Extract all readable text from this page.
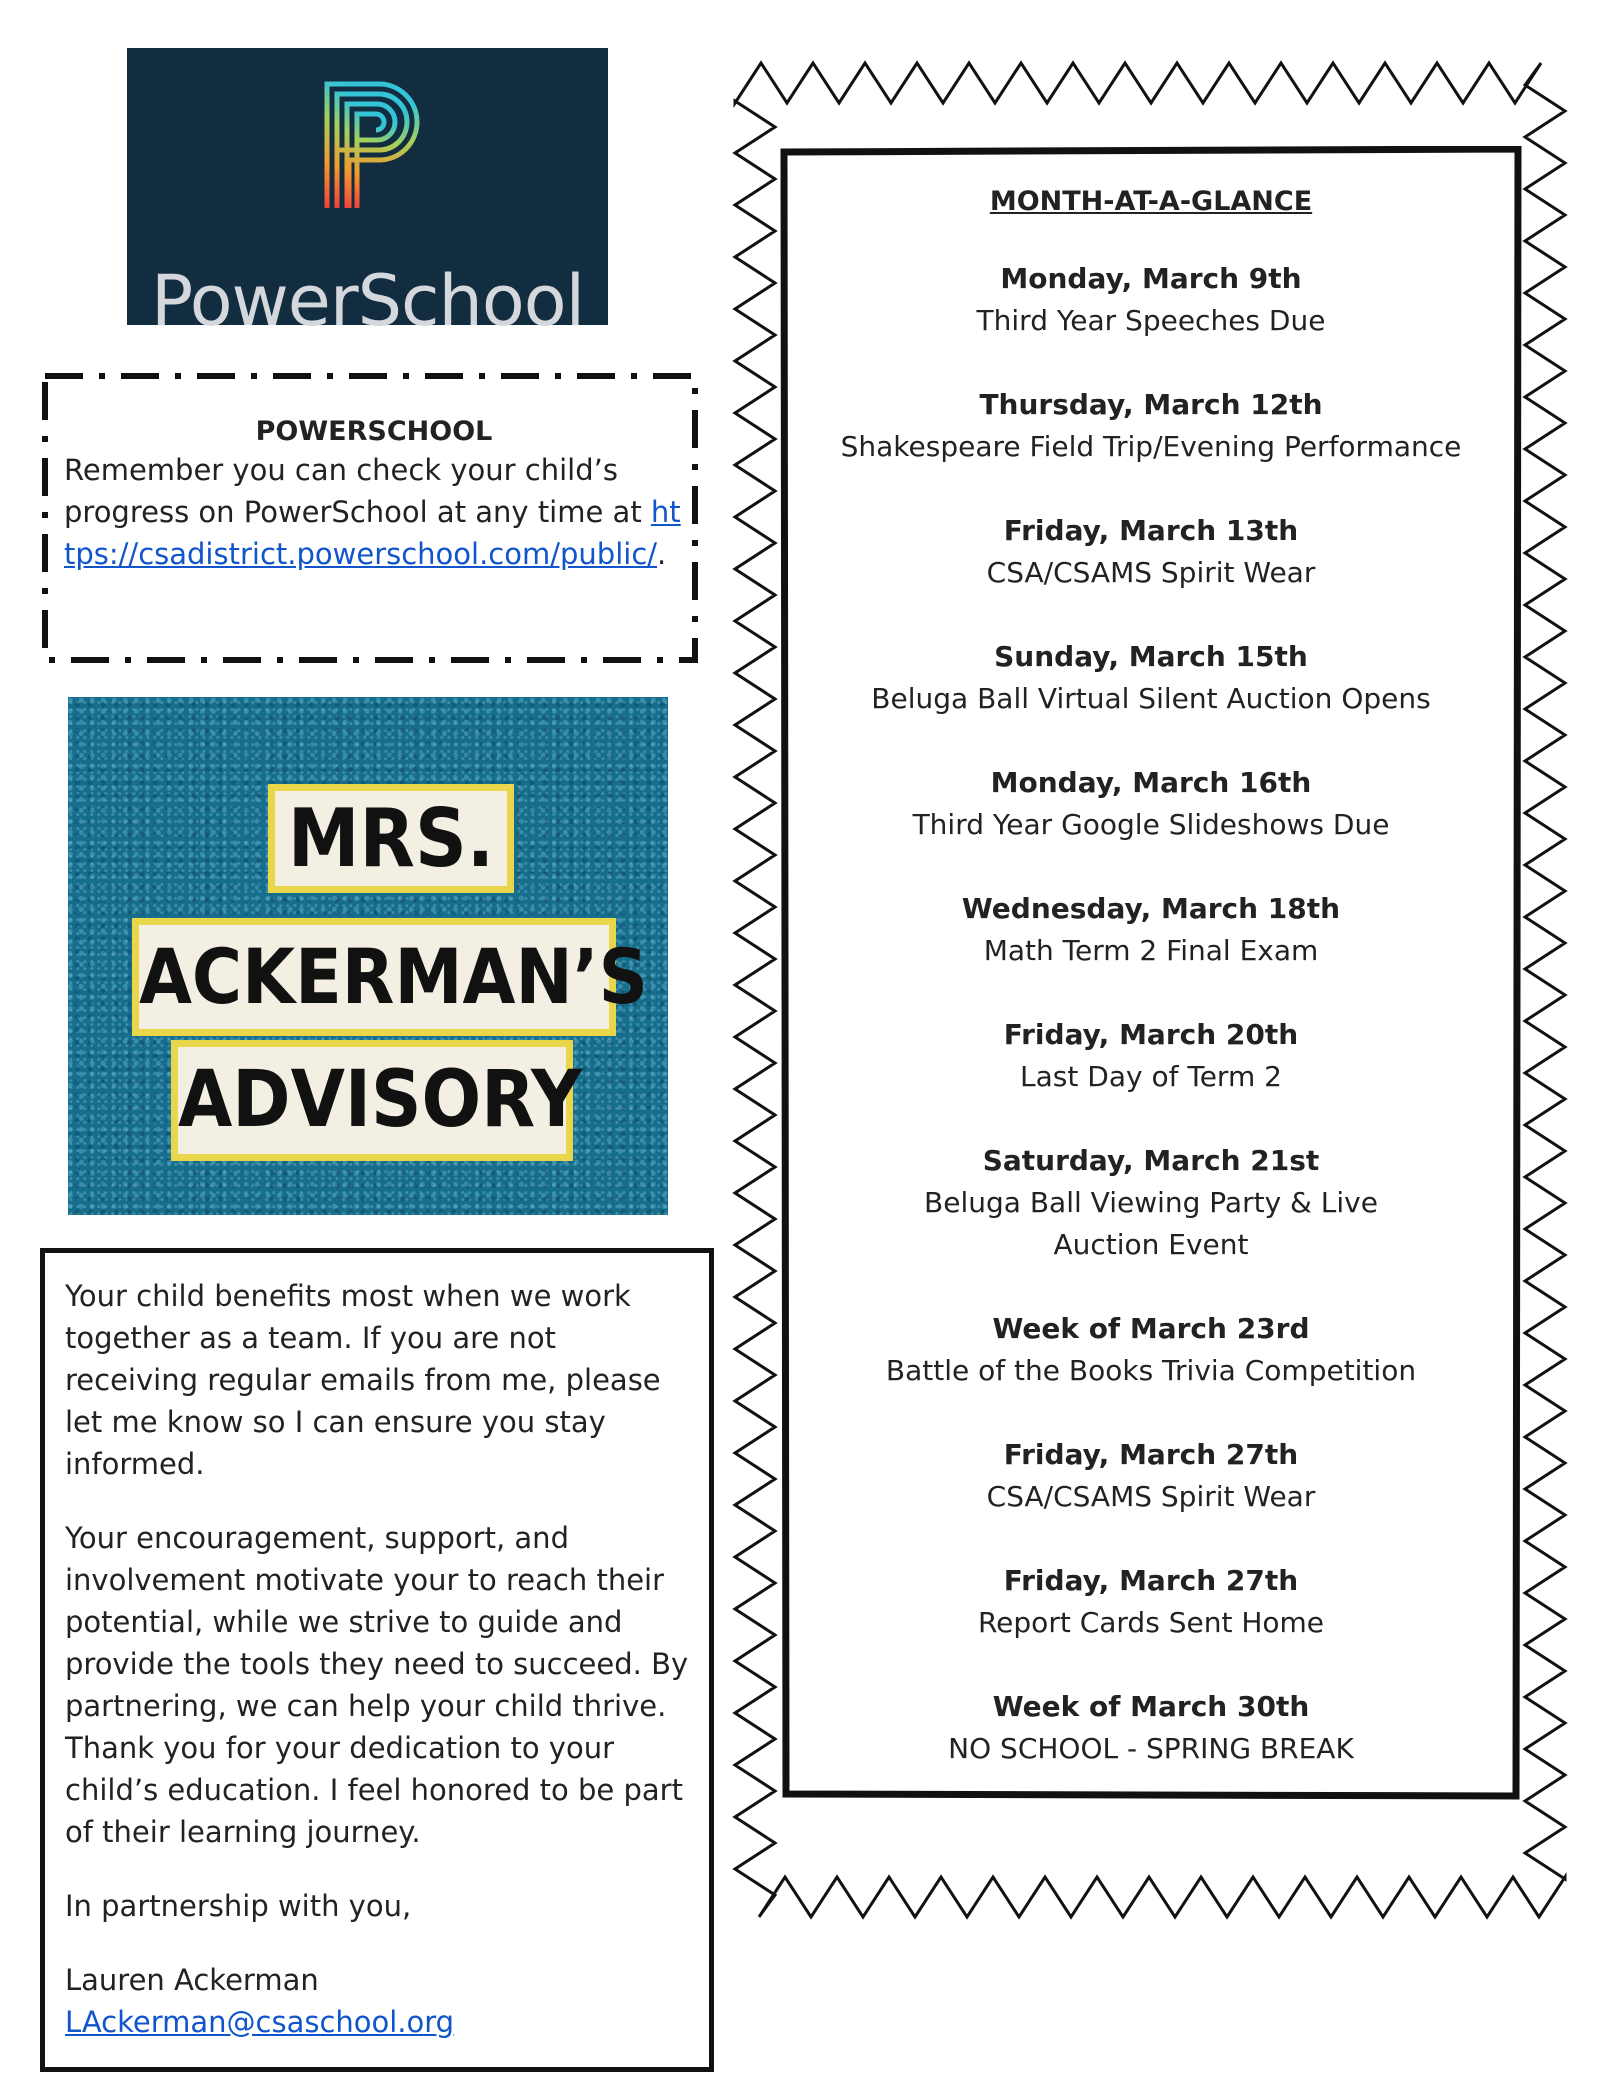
PowerSchool
POWERSCHOOL
Remember you can check your child’s progress on PowerSchool at any time at https://csadistrict.powerschool.com/public/.
MRS.
ACKERMAN’S
ADVISORY

Your child benefits most when we work together as a team. If you are not receiving regular emails from me, please let me know so I can ensure you stay informed.

Your encouragement, support, and involvement motivate your to reach their potential, while we strive to guide and provide the tools they need to succeed. By partnering, we can help your child thrive. Thank you for your dedication to your child’s education. I feel honored to be part of their learning journey.

In partnership with you,

Lauren Ackerman
LAckerman@csaschool.org
MONTH-AT-A-GLANCE
Monday, March 9th
Third Year Speeches Due
Thursday, March 12th
Shakespeare Field Trip/Evening Performance
Friday, March 13th
CSA/CSAMS Spirit Wear
Sunday, March 15th
Beluga Ball Virtual Silent Auction Opens
Monday, March 16th
Third Year Google Slideshows Due
Wednesday, March 18th
Math Term 2 Final Exam
Friday, March 20th
Last Day of Term 2
Saturday, March 21st
Beluga Ball Viewing Party & Live Auction Event
Week of March 23rd
Battle of the Books Trivia Competition
Friday, March 27th
CSA/CSAMS Spirit Wear
Friday, March 27th
Report Cards Sent Home
Week of March 30th
NO SCHOOL - SPRING BREAK
